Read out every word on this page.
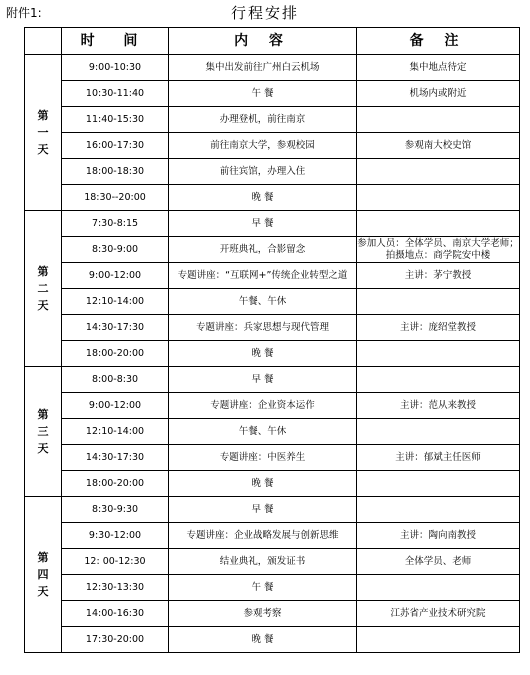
附件1:	行程安排
	时 间	内 容	备 注

第
一
天	9:00-10:30	集中出发前往广州白云机场	集中地点待定
	10:30-11:40	午 餐	机场内或附近
	11:40-15:30	办理登机，前往南京	
	16:00-17:30	前往南京大学，参观校园	参观南大校史馆
	18:00-18:30	前往宾馆，办理入住	
	18:30--20:00	晚 餐	

第
二
天	7:30-8:15	早 餐	
	8:30-9:00	开班典礼，合影留念	参加人员：全体学员、南京大学老师；拍摄地点：商学院安中楼
	9:00-12:00	专题讲座：“互联网+”传统企业转型之道	主讲：茅宁教授
	12:10-14:00	午餐、午休	
	14:30-17:30	专题讲座：兵家思想与现代管理	主讲：庞绍堂教授
	18:00-20:00	晚 餐	

第
三
天	8:00-8:30	早 餐	
	9:00-12:00	专题讲座：企业资本运作	主讲：范从来教授
	12:10-14:00	午餐、午休	
	14:30-17:30	专题讲座：中医养生	主讲：郁斌主任医师
	18:00-20:00	晚 餐	

第
四
天	8:30-9:30	早 餐	
	9:30-12:00	专题讲座：企业战略发展与创新思维	主讲：陶向南教授
	12: 00-12:30	结业典礼，颁发证书	全体学员、老师
	12:30-13:30	午 餐	
	14:00-16:30	参观考察	江苏省产业技术研究院
	17:30-20:00	晚 餐	
